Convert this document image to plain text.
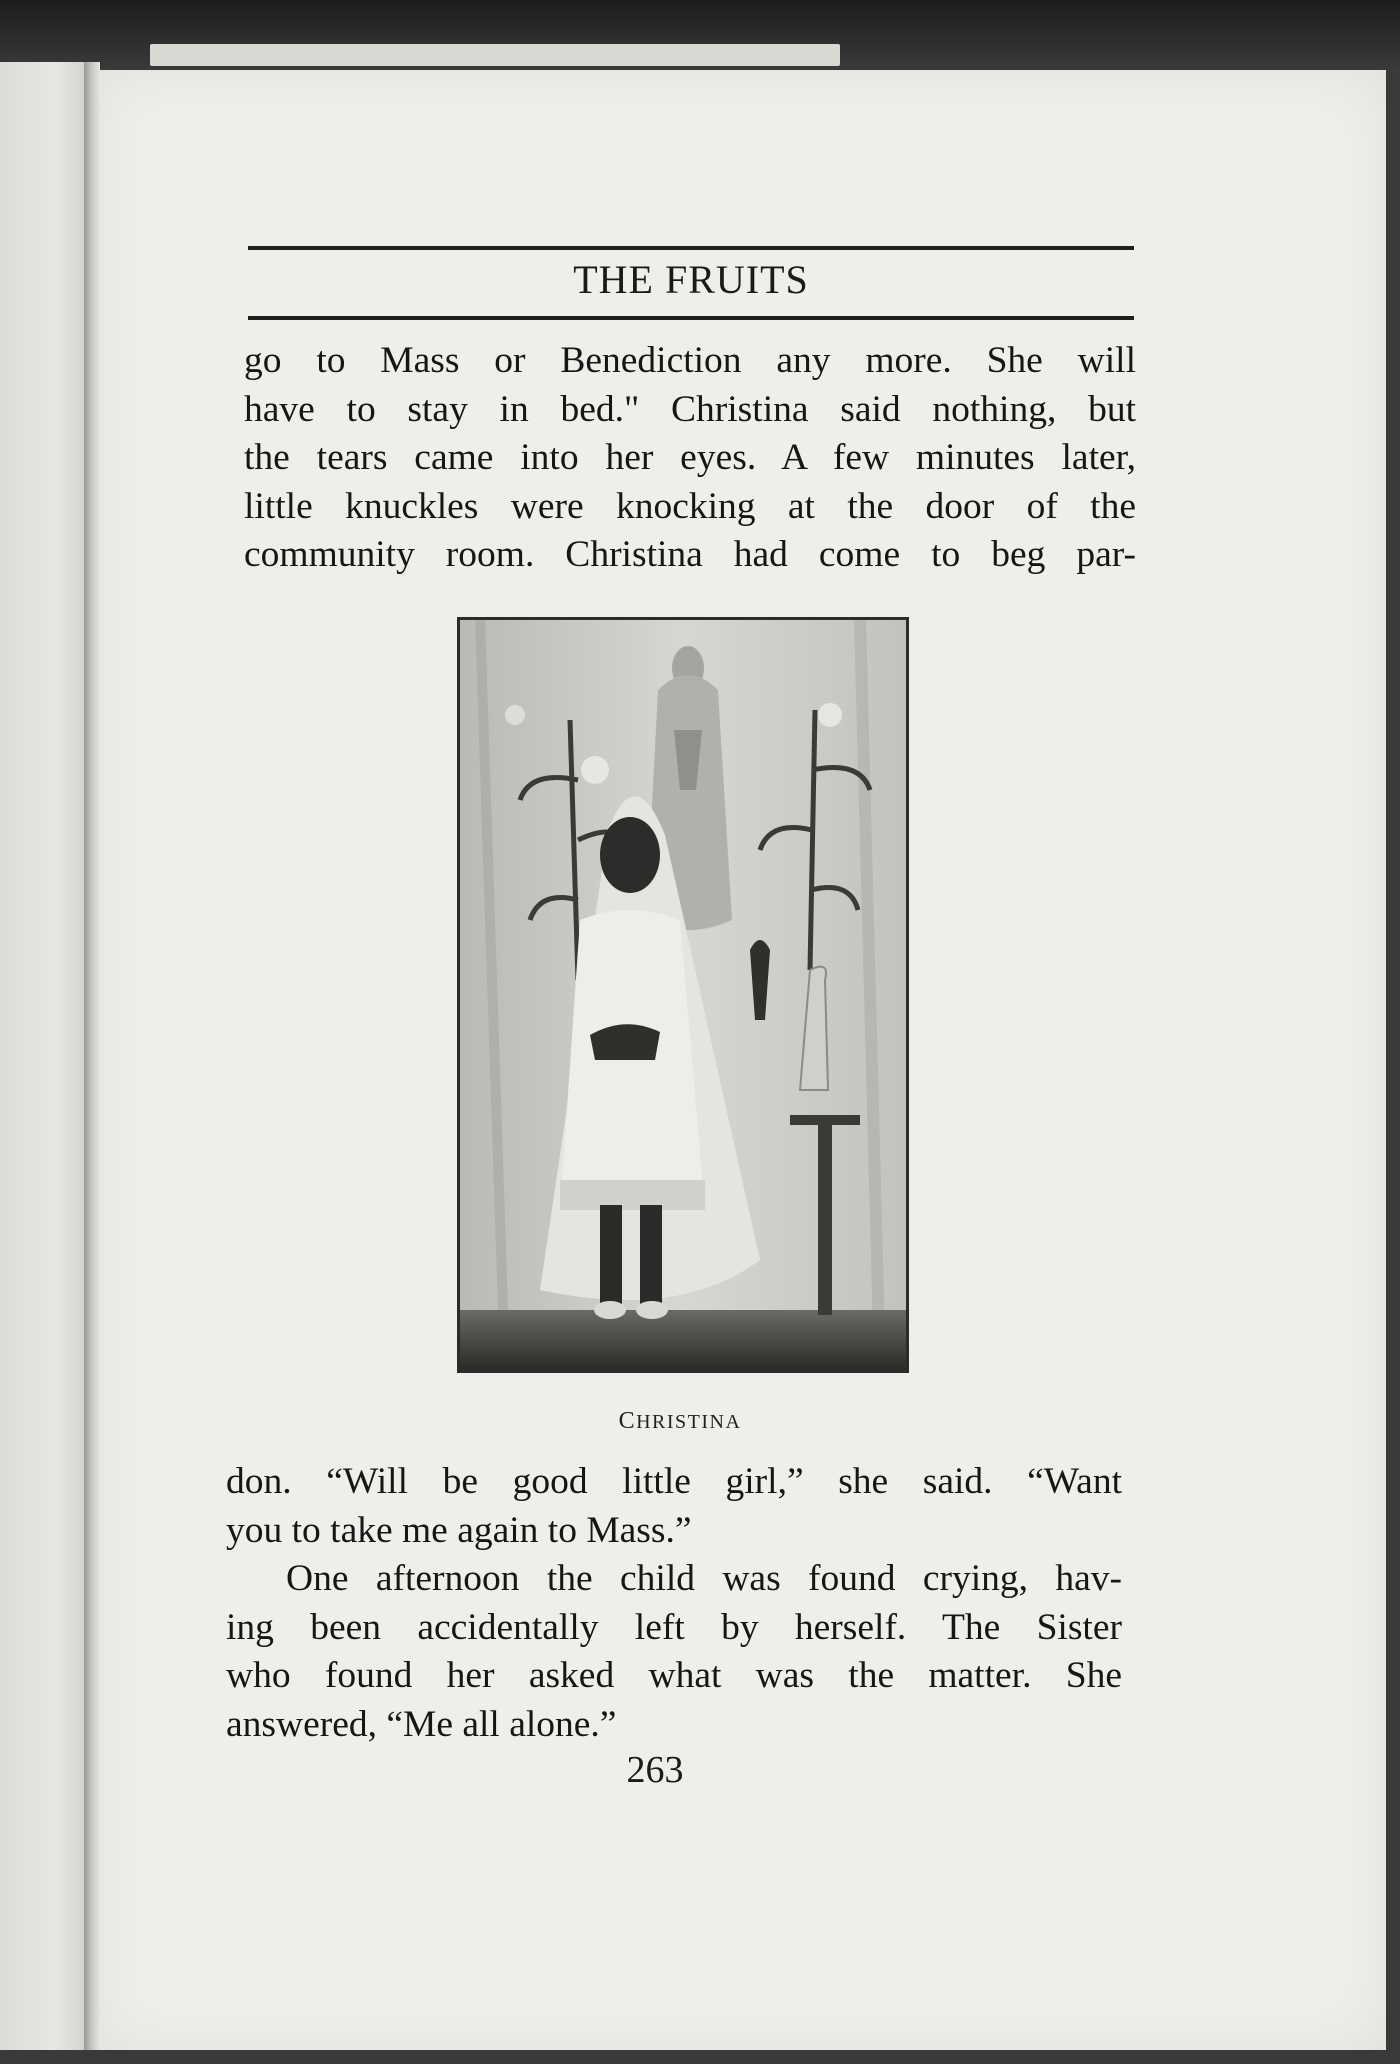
THE FRUITS
go to Mass or Benediction any more. She will
have to stay in bed." Christina said nothing, but
the tears came into her eyes. A few minutes later,
little knuckles were knocking at the door of the
community room. Christina had come to beg par-
CHRISTINA
don. “Will be good little girl,” she said. “Want
you to take me again to Mass.”
One afternoon the child was found crying, hav-
ing been accidentally left by herself. The Sister
who found her asked what was the matter. She
answered, “Me all alone.”
263
